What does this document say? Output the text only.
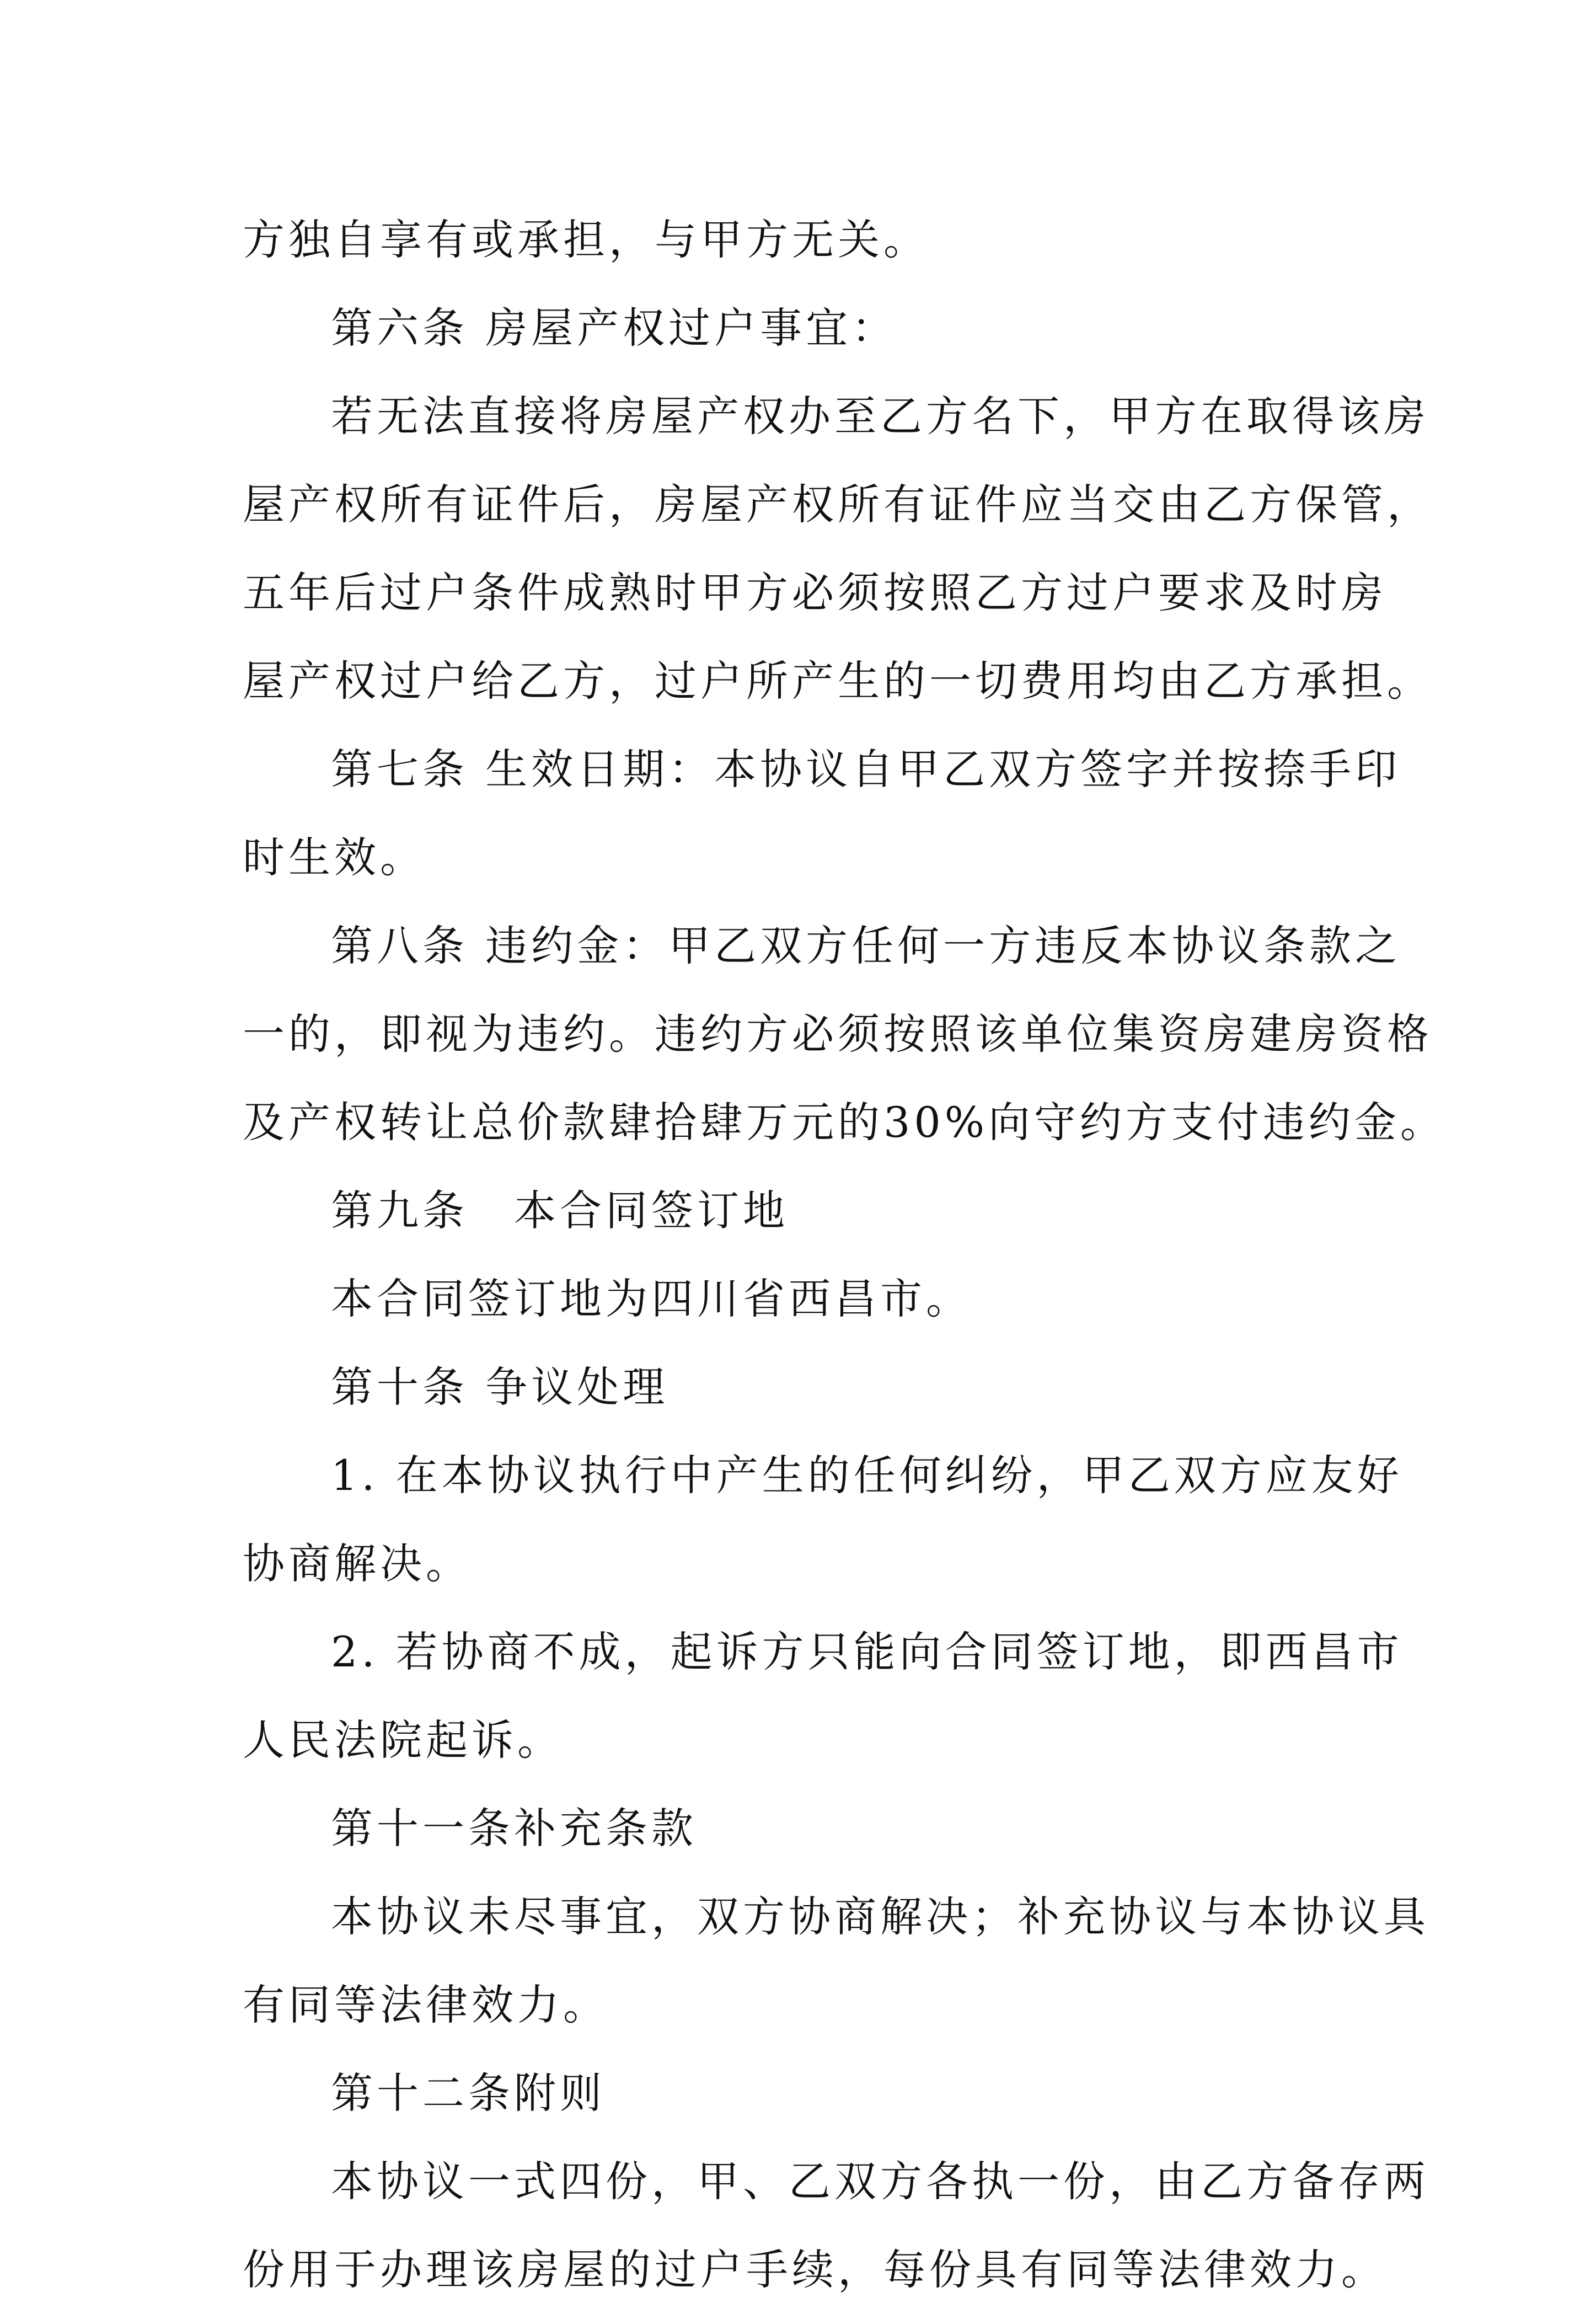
方独自享有或承担，与甲方无关。
第六条 房屋产权过户事宜：
若无法直接将房屋产权办至乙方名下，甲方在取得该房
屋产权所有证件后，房屋产权所有证件应当交由乙方保管，
五年后过户条件成熟时甲方必须按照乙方过户要求及时房
屋产权过户给乙方，过户所产生的一切费用均由乙方承担。
第七条 生效日期：本协议自甲乙双方签字并按捺手印
时生效。
第八条 违约金：甲乙双方任何一方违反本协议条款之
一的，即视为违约。违约方必须按照该单位集资房建房资格
及产权转让总价款肆拾肆万元的30%向守约方支付违约金。
第九条　本合同签订地
本合同签订地为四川省西昌市。
第十条 争议处理
1. 在本协议执行中产生的任何纠纷，甲乙双方应友好
协商解决。
2. 若协商不成，起诉方只能向合同签订地，即西昌市
人民法院起诉。
第十一条补充条款
本协议未尽事宜，双方协商解决；补充协议与本协议具
有同等法律效力。
第十二条附则
本协议一式四份，甲、乙双方各执一份，由乙方备存两
份用于办理该房屋的过户手续，每份具有同等法律效力。
